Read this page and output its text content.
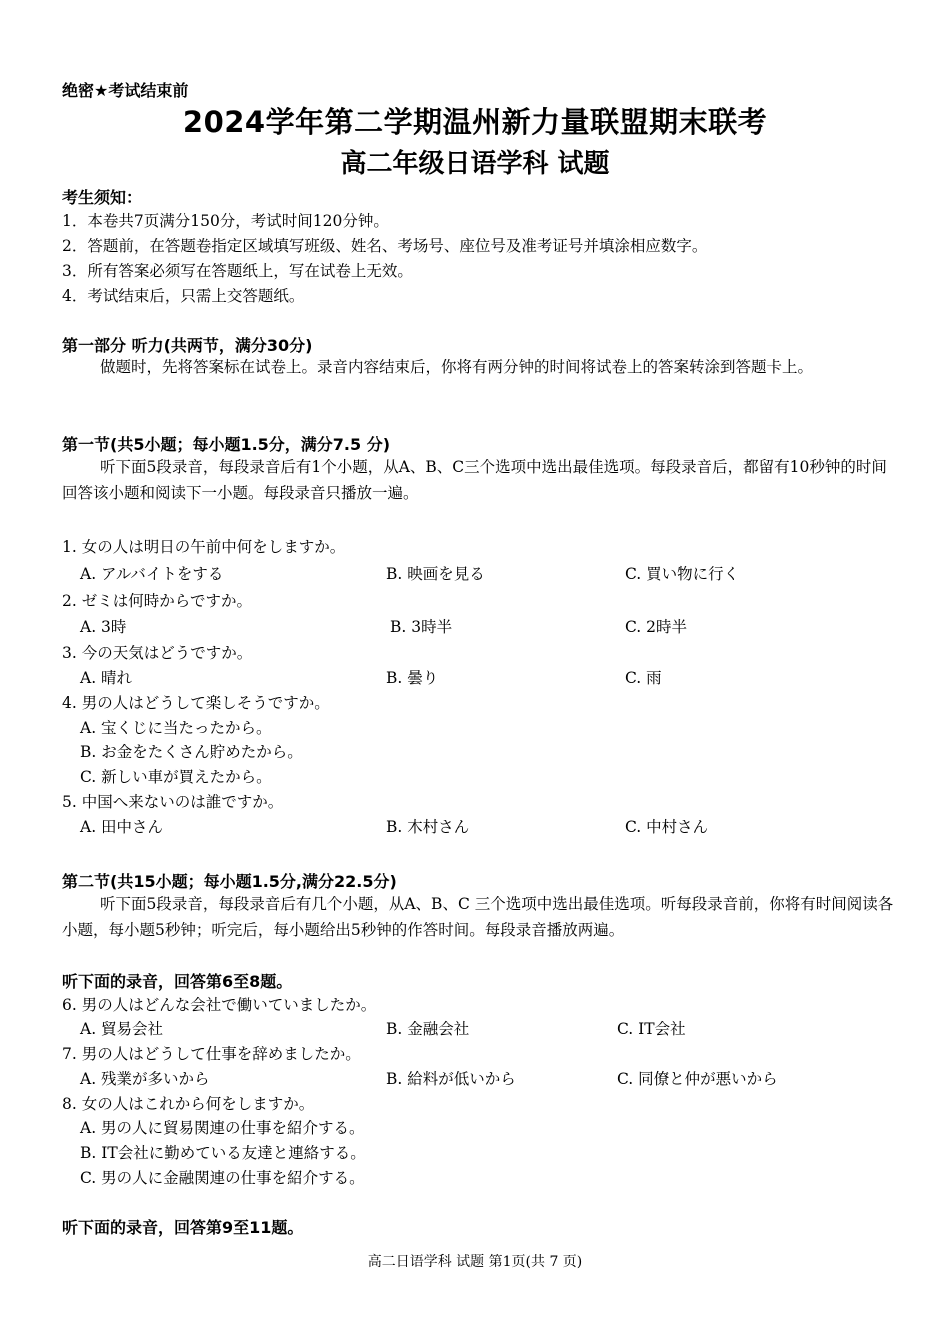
绝密★考试结束前
2024学年第二学期温州新力量联盟期末联考
高二年级日语学科 试题
考生须知：
1．本卷共7页满分150分，考试时间120分钟。
2．答题前，在答题卷指定区域填写班级、姓名、考场号、座位号及准考证号并填涂相应数字。
3．所有答案必须写在答题纸上，写在试卷上无效。
4．考试结束后，只需上交答题纸。
第一部分 听力(共两节，满分30分)
做题时，先将答案标在试卷上。录音内容结束后，你将有两分钟的时间将试卷上的答案转涂到答题卡上。
第一节(共5小题；每小题1.5分，满分7.5 分)
听下面5段录音，每段录音后有1个小题，从A、B、C三个选项中选出最佳选项。每段录音后，都留有10秒钟的时间回答该小题和阅读下一小题。每段录音只播放一遍。
1. 女の人は明日の午前中何をしますか。
A. アルバイトをする	B. 映画を見る	C. 買い物に行く
2. ゼミは何時からですか。
A. 3時	B. 3時半	C. 2時半
3. 今の天気はどうですか。
A. 晴れ	B. 曇り	C. 雨
4. 男の人はどうして楽しそうですか。
A. 宝くじに当たったから。
B. お金をたくさん貯めたから。
C. 新しい車が買えたから。
5. 中国へ来ないのは誰ですか。
A. 田中さん	B. 木村さん	C. 中村さん
第二节(共15小题；每小题1.5分,满分22.5分)
听下面5段录音，每段录音后有几个小题，从A、B、C 三个选项中选出最佳选项。听每段录音前，你将有时间阅读各小题，每小题5秒钟；听完后，每小题给出5秒钟的作答时间。每段录音播放两遍。
听下面的录音，回答第6至8题。
6. 男の人はどんな会社で働いていましたか。
A. 貿易会社	B. 金融会社	C. IT会社
7. 男の人はどうして仕事を辞めましたか。
A. 残業が多いから	B. 給料が低いから	C. 同僚と仲が悪いから
8. 女の人はこれから何をしますか。
A. 男の人に貿易関連の仕事を紹介する。
B. IT会社に勤めている友達と連絡する。
C. 男の人に金融関連の仕事を紹介する。
听下面的录音，回答第9至11题。
高二日语学科 试题 第1页(共 7 页)
